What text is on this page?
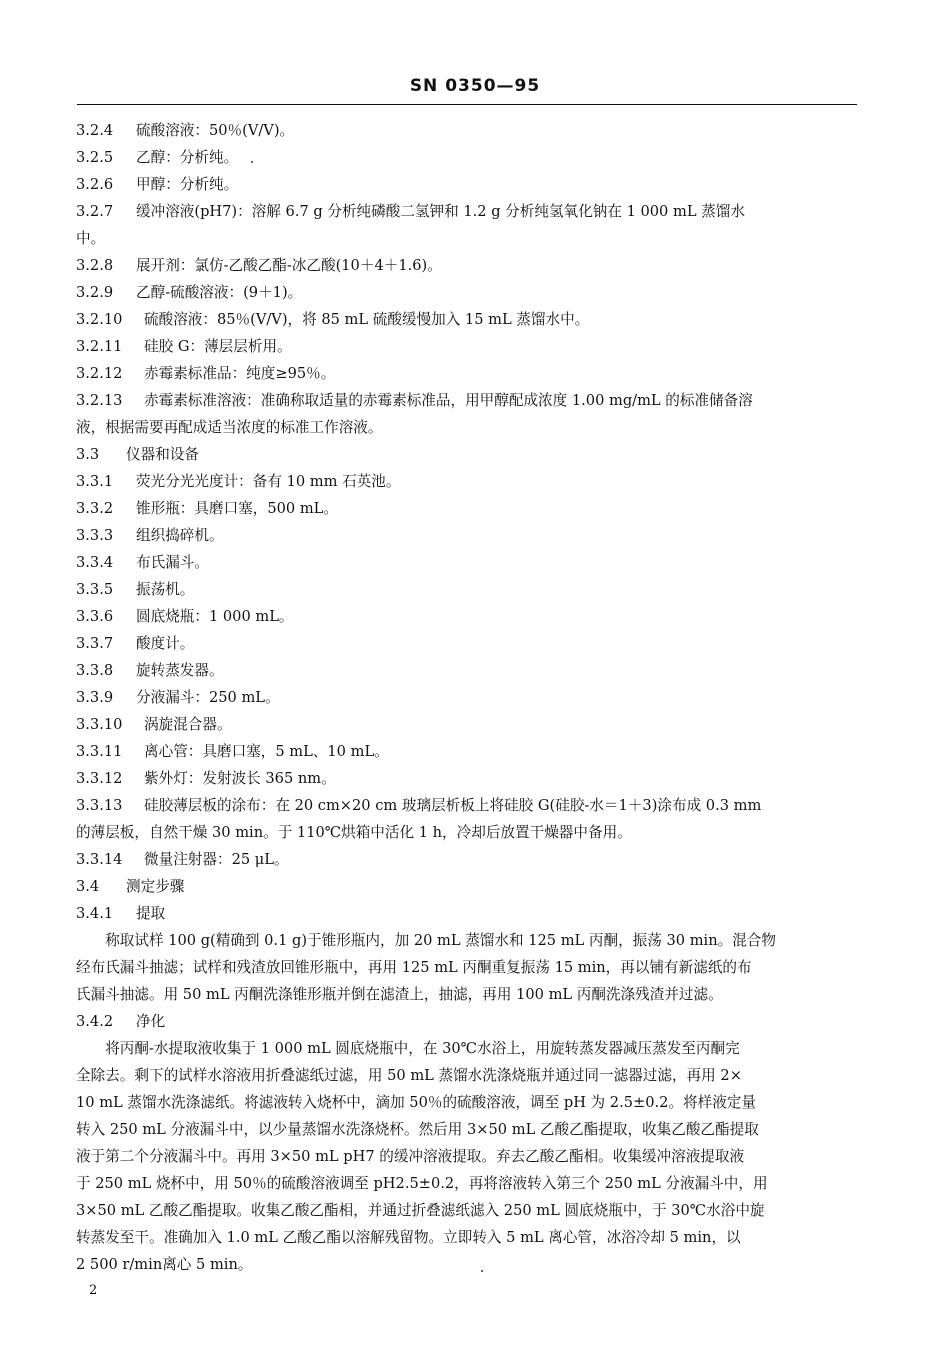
SN 0350—95
3.2.4 硫酸溶液：50％(V/V)。
3.2.5 乙醇：分析纯。
3.2.6 甲醇：分析纯。
3.2.7 缓冲溶液(pH7)：溶解 6.7 g 分析纯磷酸二氢钾和 1.2 g 分析纯氢氧化钠在 1 000 mL 蒸馏水
中。
3.2.8 展开剂：氯仿-乙酸乙酯-冰乙酸(10＋4＋1.6)。
3.2.9 乙醇-硫酸溶液：(9＋1)。
3.2.10 硫酸溶液：85％(V/V)，将 85 mL 硫酸缓慢加入 15 mL 蒸馏水中。
3.2.11 硅胶 G：薄层层析用。
3.2.12 赤霉素标准品：纯度≥95％。
3.2.13 赤霉素标准溶液：准确称取适量的赤霉素标准品，用甲醇配成浓度 1.00 mg/mL 的标准储备溶
液，根据需要再配成适当浓度的标准工作溶液。
3.3 仪器和设备
3.3.1 荧光分光光度计：备有 10 mm 石英池。
3.3.2 锥形瓶：具磨口塞，500 mL。
3.3.3 组织捣碎机。
3.3.4 布氏漏斗。
3.3.5 振荡机。
3.3.6 圆底烧瓶：1 000 mL。
3.3.7 酸度计。
3.3.8 旋转蒸发器。
3.3.9 分液漏斗：250 mL。
3.3.10 涡旋混合器。
3.3.11 离心管：具磨口塞，5 mL、10 mL。
3.3.12 紫外灯：发射波长 365 nm。
3.3.13 硅胶薄层板的涂布：在 20 cm×20 cm 玻璃层析板上将硅胶 G(硅胶-水＝1＋3)涂布成 0.3 mm
的薄层板，自然干燥 30 min。于 110℃烘箱中活化 1 h，冷却后放置干燥器中备用。
3.3.14 微量注射器：25 μL。
3.4 测定步骤
3.4.1 提取
称取试样 100 g(精确到 0.1 g)于锥形瓶内，加 20 mL 蒸馏水和 125 mL 丙酮，振荡 30 min。混合物
经布氏漏斗抽滤；试样和残渣放回锥形瓶中，再用 125 mL 丙酮重复振荡 15 min，再以铺有新滤纸的布
氏漏斗抽滤。用 50 mL 丙酮洗涤锥形瓶并倒在滤渣上，抽滤，再用 100 mL 丙酮洗涤残渣并过滤。
3.4.2 净化
将丙酮-水提取液收集于 1 000 mL 圆底烧瓶中，在 30℃水浴上，用旋转蒸发器减压蒸发至丙酮完
全除去。剩下的试样水溶液用折叠滤纸过滤，用 50 mL 蒸馏水洗涤烧瓶并通过同一滤器过滤，再用 2×
10 mL 蒸馏水洗涤滤纸。将滤液转入烧杯中，滴加 50％的硫酸溶液，调至 pH 为 2.5±0.2。将样液定量
转入 250 mL 分液漏斗中，以少量蒸馏水洗涤烧杯。然后用 3×50 mL 乙酸乙酯提取，收集乙酸乙酯提取
液于第二个分液漏斗中。再用 3×50 mL pH7 的缓冲溶液提取。弃去乙酸乙酯相。收集缓冲溶液提取液
于 250 mL 烧杯中，用 50％的硫酸溶液调至 pH2.5±0.2，再将溶液转入第三个 250 mL 分液漏斗中，用
3×50 mL 乙酸乙酯提取。收集乙酸乙酯相，并通过折叠滤纸滤入 250 mL 圆底烧瓶中，于 30℃水浴中旋
转蒸发至干。准确加入 1.0 mL 乙酸乙酯以溶解残留物。立即转入 5 mL 离心管，冰浴冷却 5 min，以
2 500 r/min离心 5 min。
2
